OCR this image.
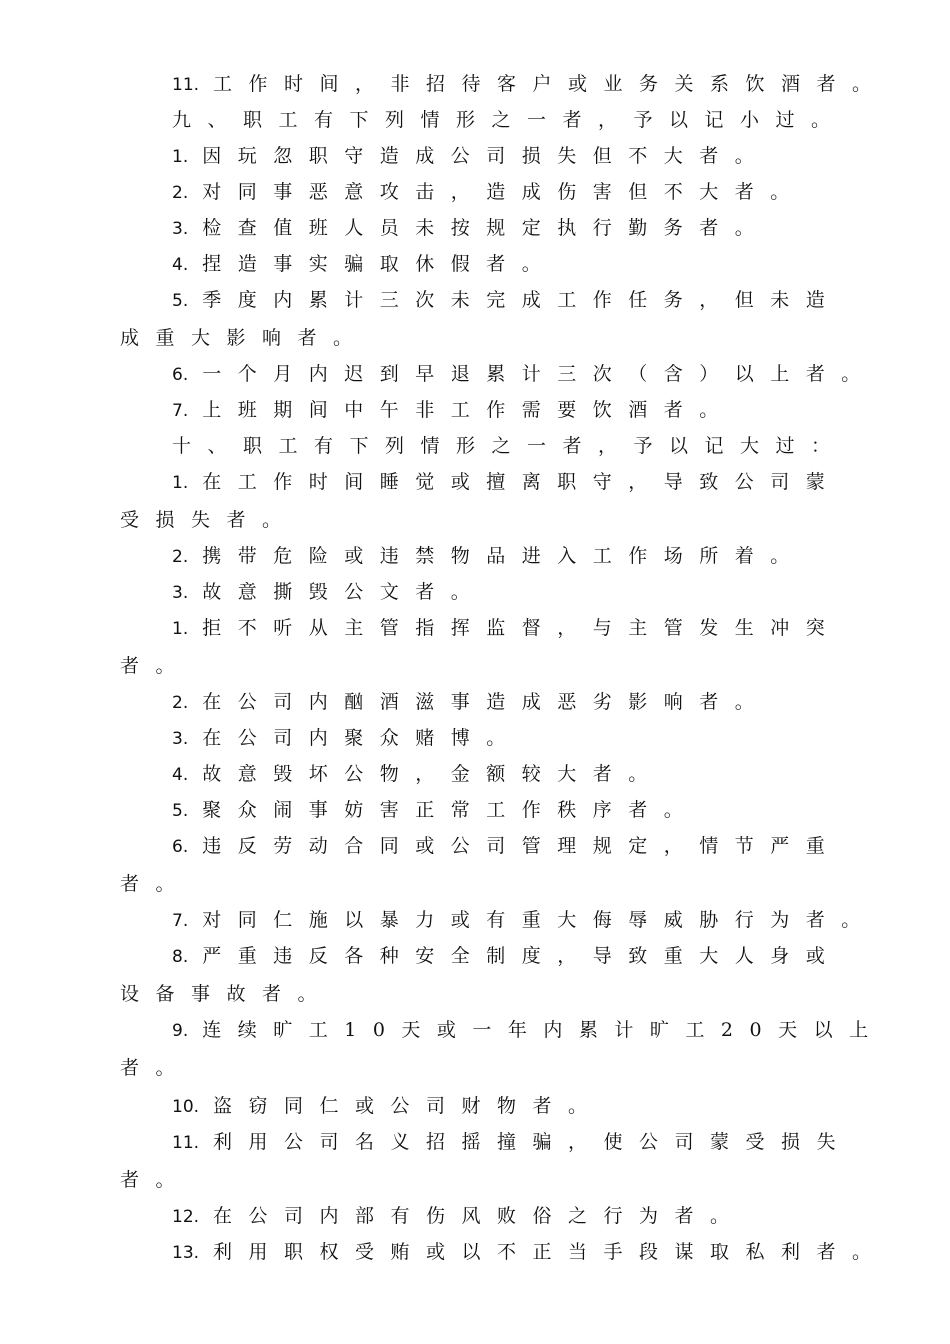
11. 工作时间，非招待客户或业务关系饮酒者。
九、职工有下列情形之一者，予以记小过。
1. 因玩忽职守造成公司损失但不大者。
2. 对同事恶意攻击，造成伤害但不大者。
3. 检查值班人员未按规定执行勤务者。
4. 捏造事实骗取休假者。
5. 季度内累计三次未完成工作任务，但未造
成重大影响者。
6. 一个月内迟到早退累计三次（含）以上者。
7. 上班期间中午非工作需要饮酒者。
十、职工有下列情形之一者，予以记大过：
1. 在工作时间睡觉或擅离职守，导致公司蒙
受损失者。
2. 携带危险或违禁物品进入工作场所着。
3. 故意撕毁公文者。
1. 拒不听从主管指挥监督，与主管发生冲突
者。
2. 在公司内酗酒滋事造成恶劣影响者。
3. 在公司内聚众赌博。
4. 故意毁坏公物，金额较大者。
5. 聚众闹事妨害正常工作秩序者。
6. 违反劳动合同或公司管理规定，情节严重
者。
7. 对同仁施以暴力或有重大侮辱威胁行为者。
8. 严重违反各种安全制度，导致重大人身或
设备事故者。
9. 连续旷工10天或一年内累计旷工20天以上
者。
10. 盗窃同仁或公司财物者。
11. 利用公司名义招摇撞骗，使公司蒙受损失
者。
12. 在公司内部有伤风败俗之行为者。
13. 利用职权受贿或以不正当手段谋取私利者。
